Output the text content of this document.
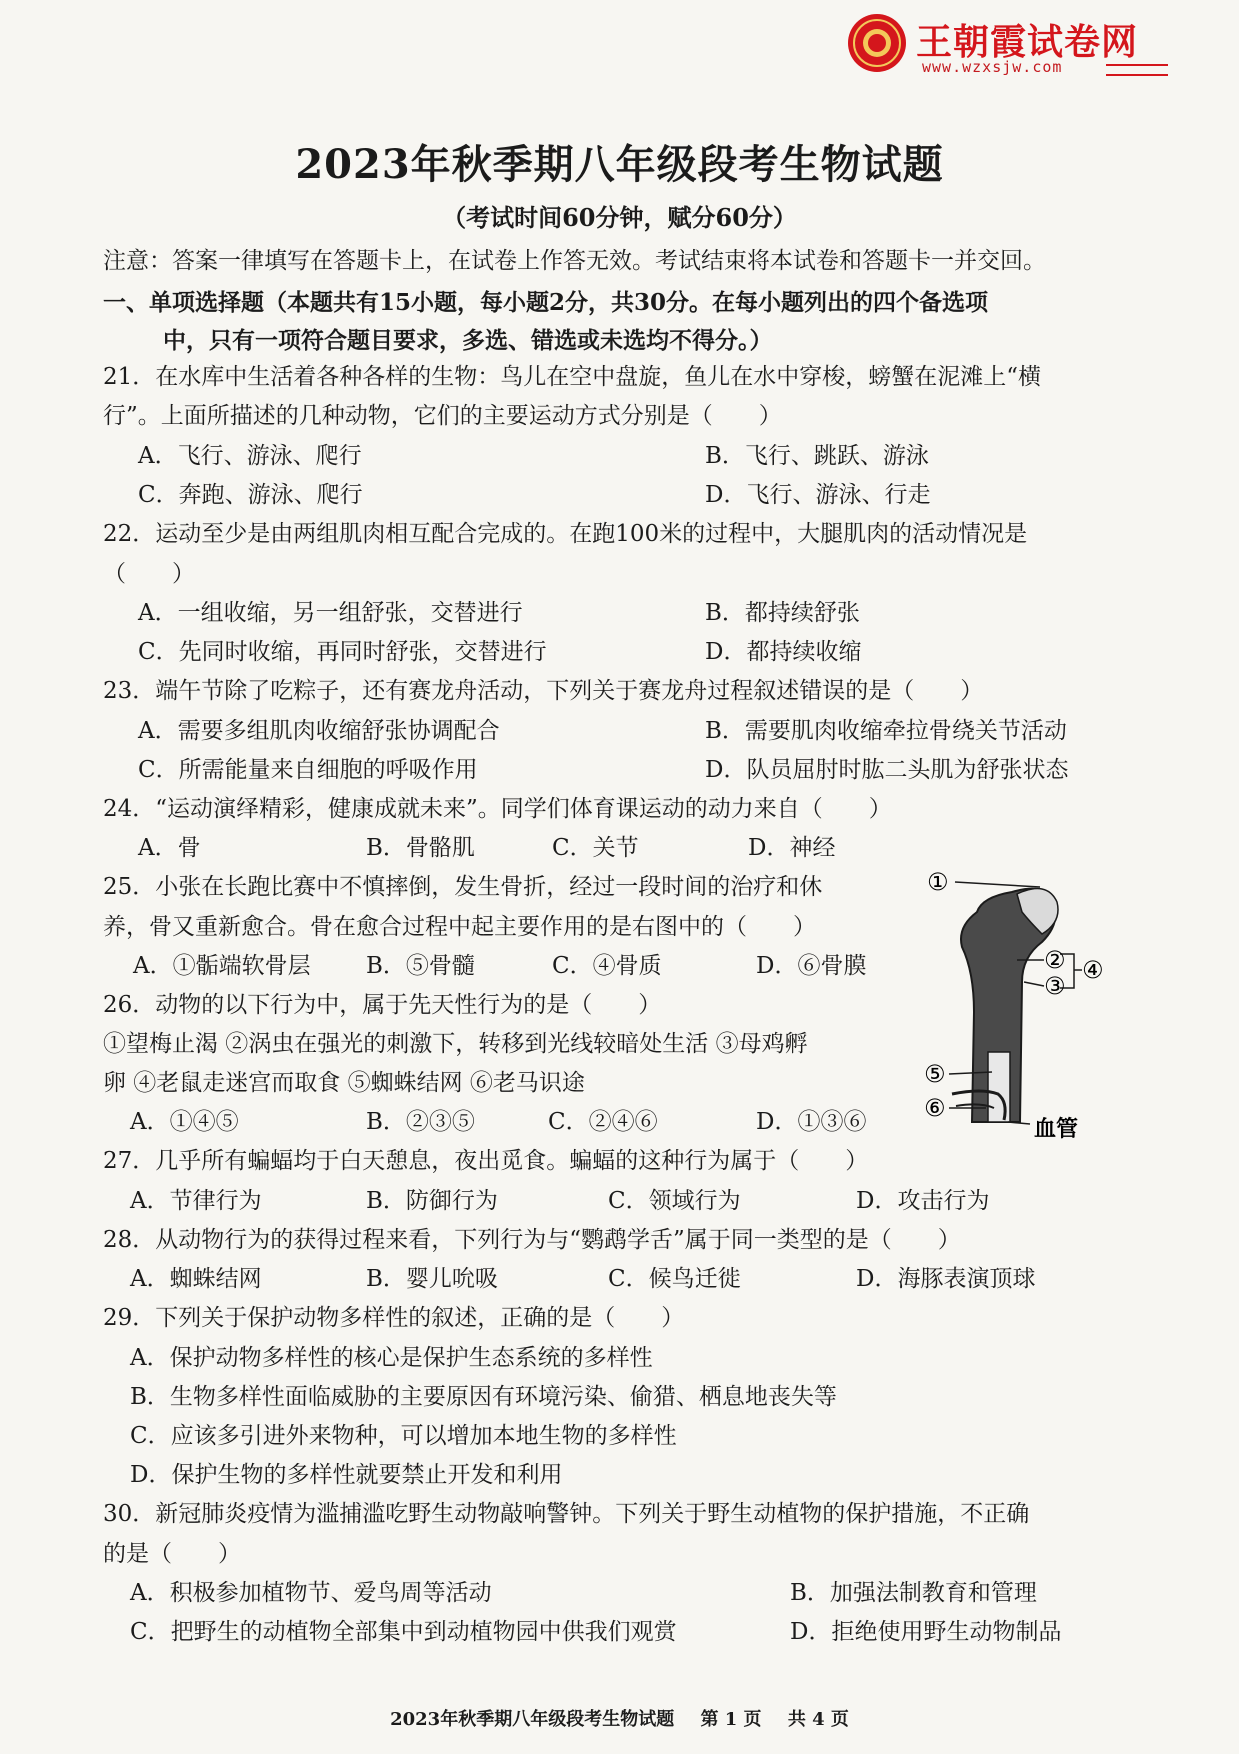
王朝霞试卷网
www.wzxsjw.com
2023年秋季期八年级段考生物试题
（考试时间60分钟，赋分60分）
注意：答案一律填写在答题卡上，在试卷上作答无效。考试结束将本试卷和答题卡一并交回。
一、单项选择题（本题共有15小题，每小题2分，共30分。在每小题列出的四个备选项
中，只有一项符合题目要求，多选、错选或未选均不得分。）
21．在水库中生活着各种各样的生物：鸟儿在空中盘旋，鱼儿在水中穿梭，螃蟹在泥滩上“横
行”。上面所描述的几种动物，它们的主要运动方式分别是（　　）
A．飞行、游泳、爬行	B．飞行、跳跃、游泳
C．奔跑、游泳、爬行	D．飞行、游泳、行走
22．运动至少是由两组肌肉相互配合完成的。在跑100米的过程中，大腿肌肉的活动情况是
（　　）
A．一组收缩，另一组舒张，交替进行	B．都持续舒张
C．先同时收缩，再同时舒张，交替进行	D．都持续收缩
23．端午节除了吃粽子，还有赛龙舟活动，下列关于赛龙舟过程叙述错误的是（　　）
A．需要多组肌肉收缩舒张协调配合	B．需要肌肉收缩牵拉骨绕关节活动
C．所需能量来自细胞的呼吸作用	D．队员屈肘时肱二头肌为舒张状态
24．“运动演绎精彩，健康成就未来”。同学们体育课运动的动力来自（　　）
A．骨	B．骨骼肌	C．关节	D．神经
25．小张在长跑比赛中不慎摔倒，发生骨折，经过一段时间的治疗和休
养，骨又重新愈合。骨在愈合过程中起主要作用的是右图中的（　　）
A．①骺端软骨层 B．⑤骨髓	C．④骨质	D．⑥骨膜
26．动物的以下行为中，属于先天性行为的是（　　）
①望梅止渴 ②涡虫在强光的刺激下，转移到光线较暗处生活 ③母鸡孵
卵 ④老鼠走迷宫而取食 ⑤蜘蛛结网 ⑥老马识途
A．①④⑤	B．②③⑤	C．②④⑥	D．①③⑥
27．几乎所有蝙蝠均于白天憩息，夜出觅食。蝙蝠的这种行为属于（　　）
A．节律行为	B．防御行为	C．领域行为	D．攻击行为
28．从动物行为的获得过程来看，下列行为与“鹦鹉学舌”属于同一类型的是（　　）
A．蜘蛛结网	B．婴儿吮吸	C．候鸟迁徙	D．海豚表演顶球
29．下列关于保护动物多样性的叙述，正确的是（　　）
A．保护动物多样性的核心是保护生态系统的多样性
B．生物多样性面临威胁的主要原因有环境污染、偷猎、栖息地丧失等
C．应该多引进外来物种，可以增加本地生物的多样性
D．保护生物的多样性就要禁止开发和利用
30．新冠肺炎疫情为滥捕滥吃野生动物敲响警钟。下列关于野生动植物的保护措施，不正确
的是（　　）
A．积极参加植物节、爱鸟周等活动	B．加强法制教育和管理
C．把野生的动植物全部集中到动植物园中供我们观赏	D．拒绝使用野生动物制品
①
②
③
④
⑤
⑥
血管
2023年秋季期八年级段考生物试题 第 1 页 共 4 页
